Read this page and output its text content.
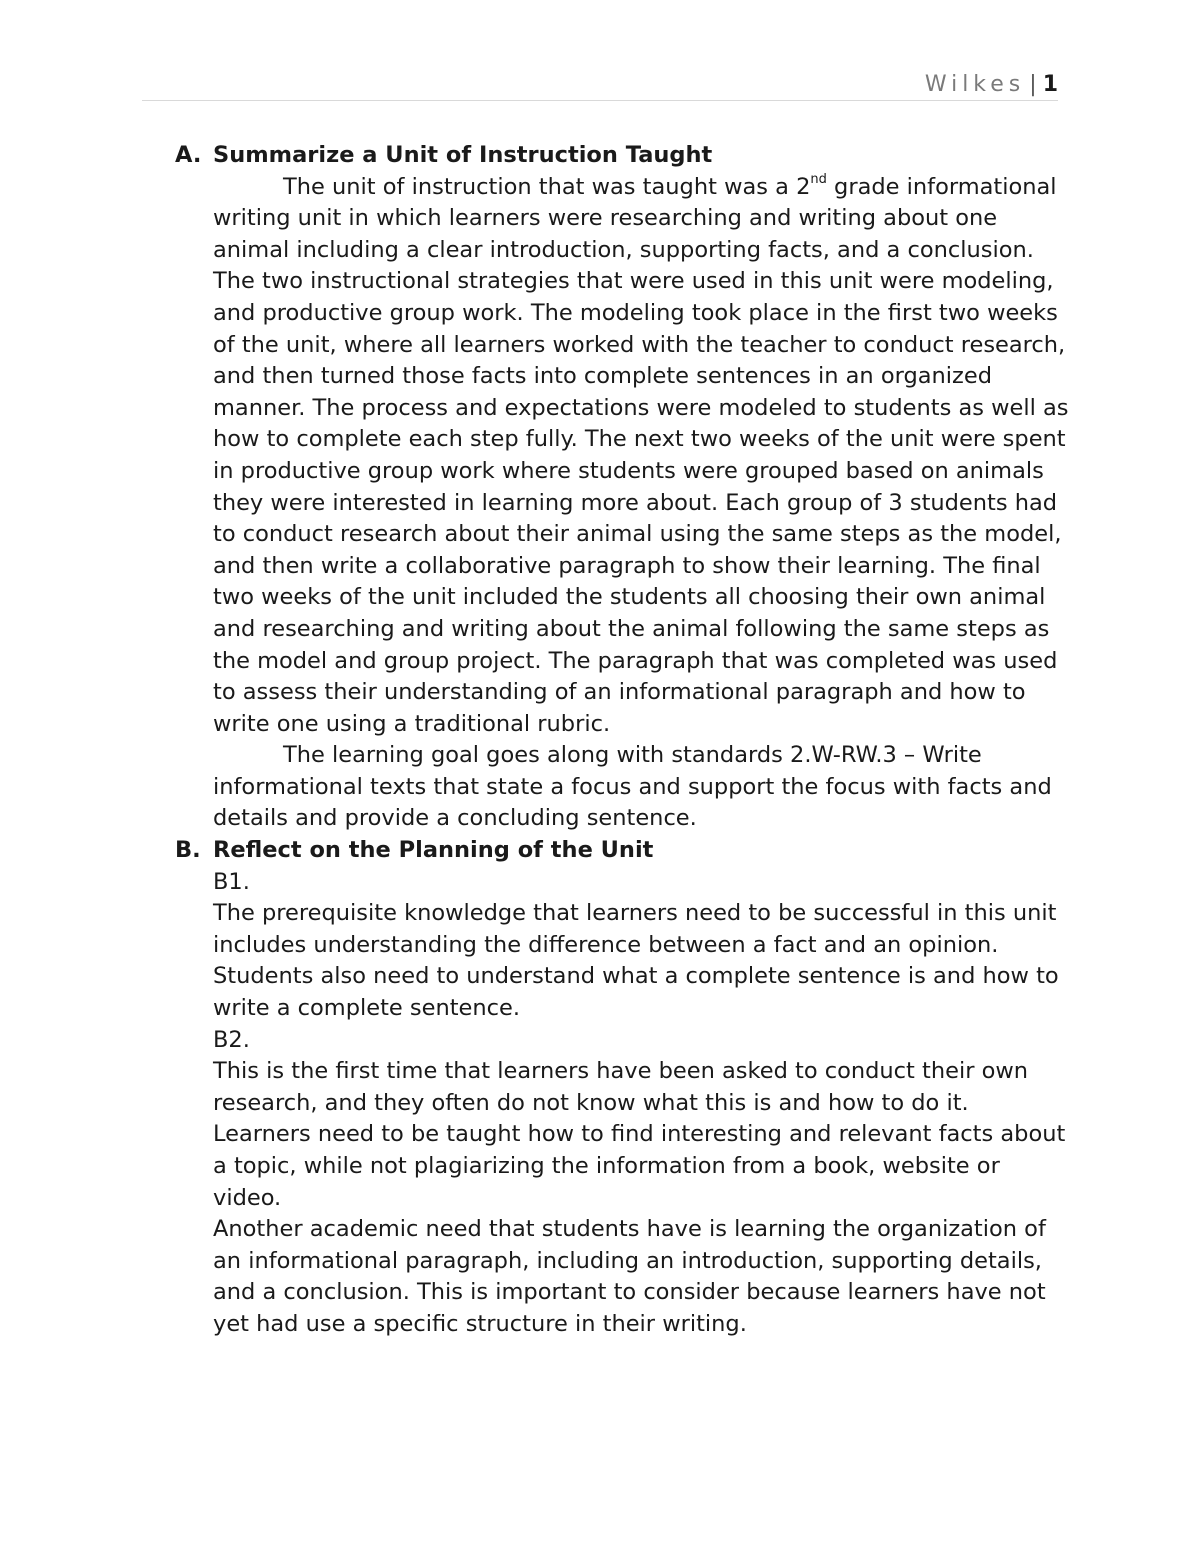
Wilkes | 1
A. Summarize a Unit of Instruction Taught

The unit of instruction that was taught was a 2nd grade informational writing unit in which learners were researching and writing about one animal including a clear introduction, supporting facts, and a conclusion. The two instructional strategies that were used in this unit were modeling, and productive group work. The modeling took place in the first two weeks of the unit, where all learners worked with the teacher to conduct research, and then turned those facts into complete sentences in an organized manner. The process and expectations were modeled to students as well as how to complete each step fully. The next two weeks of the unit were spent in productive group work where students were grouped based on animals they were interested in learning more about. Each group of 3 students had to conduct research about their animal using the same steps as the model, and then write a collaborative paragraph to show their learning. The final two weeks of the unit included the students all choosing their own animal and researching and writing about the animal following the same steps as the model and group project. The paragraph that was completed was used to assess their understanding of an informational paragraph and how to write one using a traditional rubric.

The learning goal goes along with standards 2.W-RW.3 – Write informational texts that state a focus and support the focus with facts and details and provide a concluding sentence.

B. Reflect on the Planning of the Unit

B1.

The prerequisite knowledge that learners need to be successful in this unit includes understanding the difference between a fact and an opinion. Students also need to understand what a complete sentence is and how to write a complete sentence.

B2.

This is the first time that learners have been asked to conduct their own research, and they often do not know what this is and how to do it. Learners need to be taught how to find interesting and relevant facts about a topic, while not plagiarizing the information from a book, website or video.

Another academic need that students have is learning the organization of an informational paragraph, including an introduction, supporting details, and a conclusion. This is important to consider because learners have not yet had use a specific structure in their writing.
